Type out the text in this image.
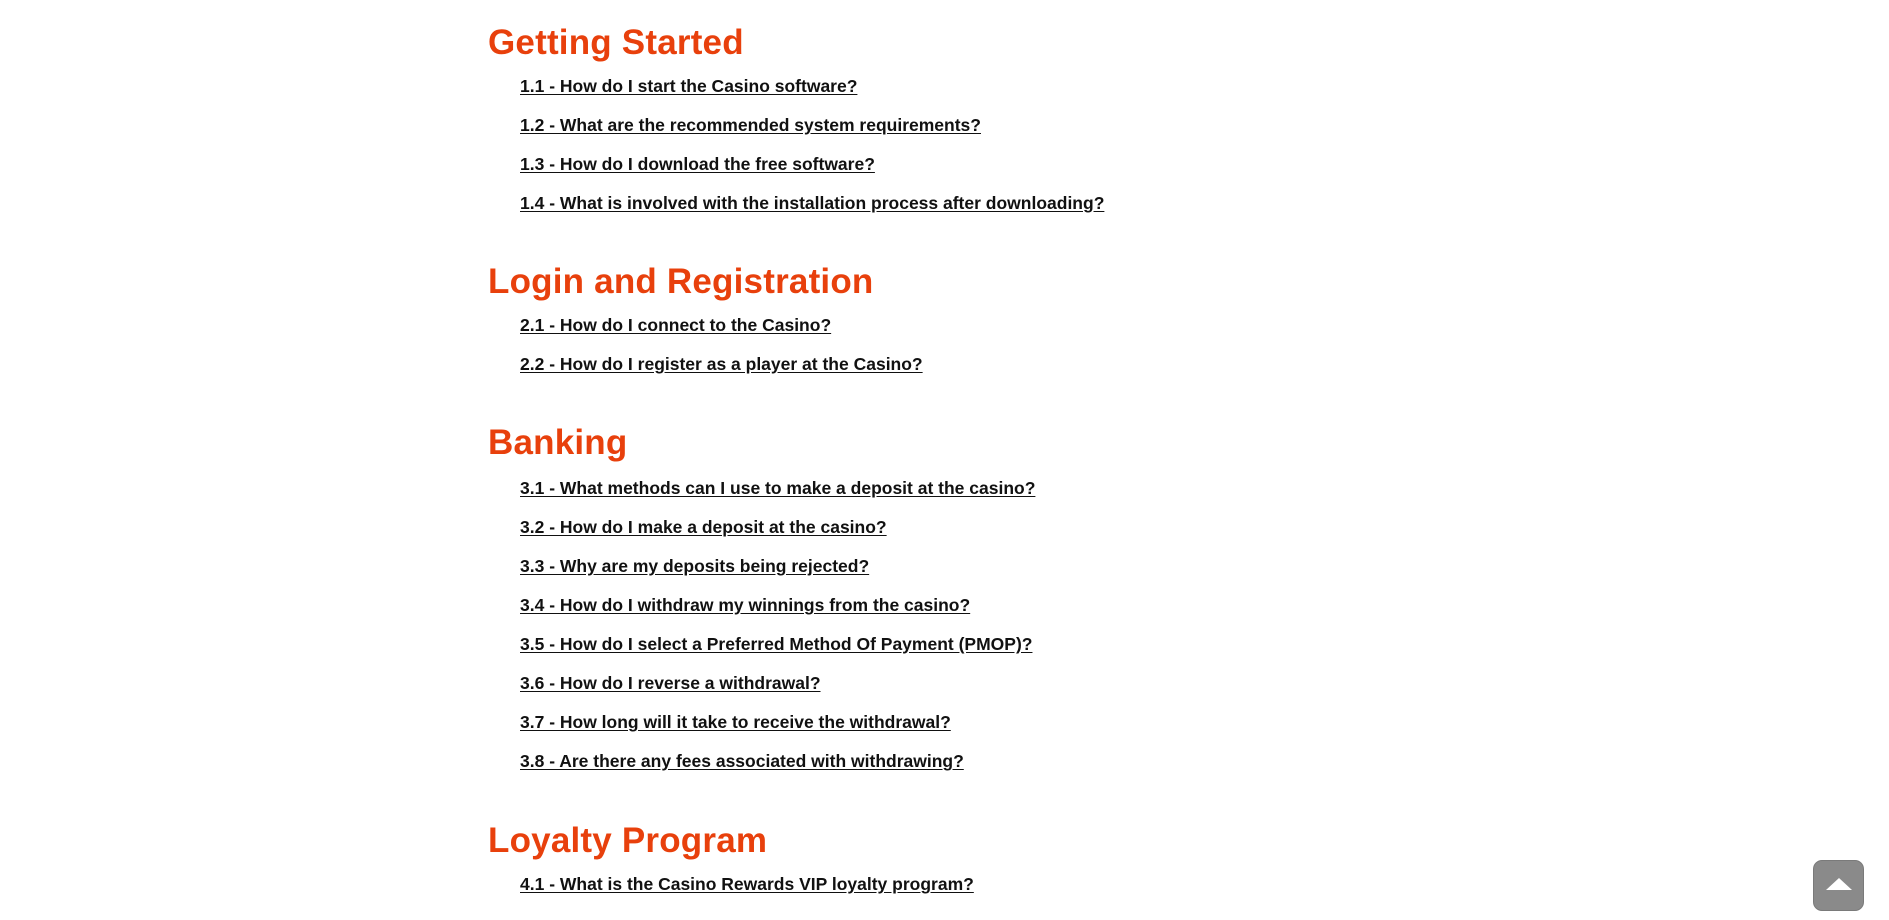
Getting Started
1.1 - How do I start the Casino software?
1.2 - What are the recommended system requirements?
1.3 - How do I download the free software?
1.4 - What is involved with the installation process after downloading?
Login and Registration
2.1 - How do I connect to the Casino?
2.2 - How do I register as a player at the Casino?
Banking
3.1 - What methods can I use to make a deposit at the casino?
3.2 - How do I make a deposit at the casino?
3.3 - Why are my deposits being rejected?
3.4 - How do I withdraw my winnings from the casino?
3.5 - How do I select a Preferred Method Of Payment (PMOP)?
3.6 - How do I reverse a withdrawal?
3.7 - How long will it take to receive the withdrawal?
3.8 - Are there any fees associated with withdrawing?
Loyalty Program
4.1 - What is the Casino Rewards VIP loyalty program?
